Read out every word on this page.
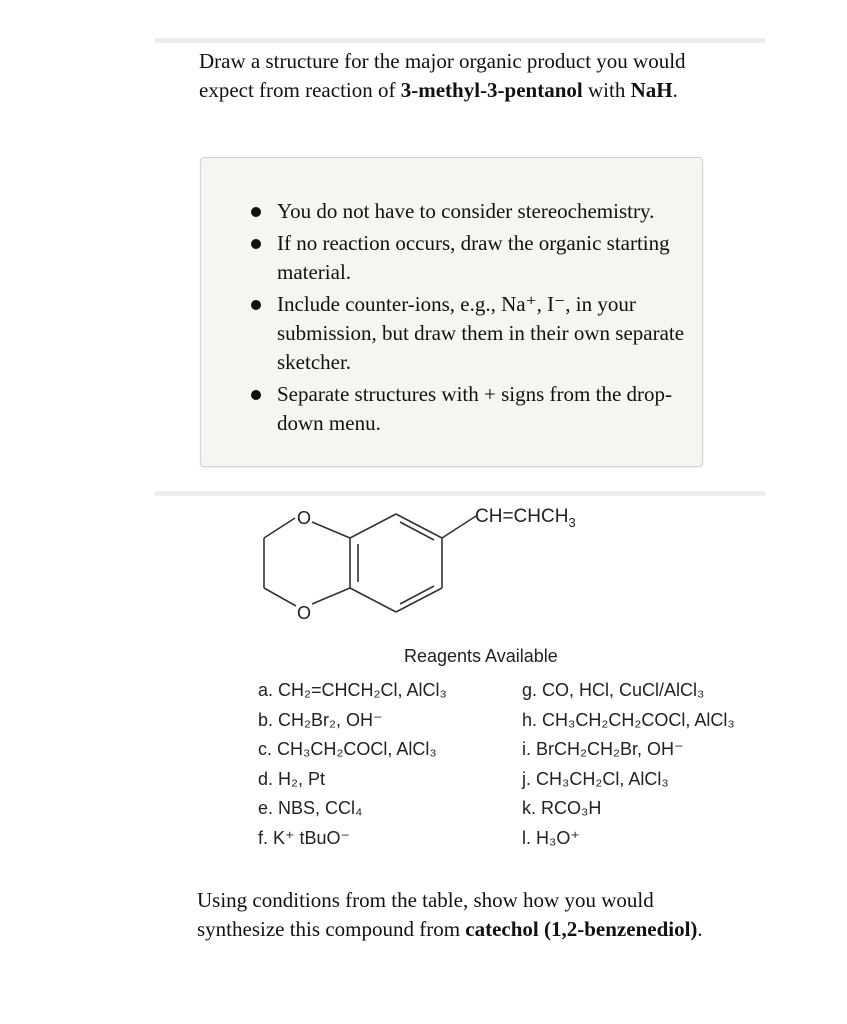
Draw a structure for the major organic product you would expect from reaction of 3-methyl-3-pentanol with NaH.
You do not have to consider stereochemistry.
If no reaction occurs, draw the organic starting material.
Include counter-ions, e.g., Na⁺, I⁻, in your submission, but draw them in their own separate sketcher.
Separate structures with + signs from the drop-down menu.
O
O
$CH=CHCH_3$
Reagents Available
a. CH₂=CHCH₂Cl, AlCl₃
b. CH₂Br₂, OH⁻
c. CH₃CH₂COCl, AlCl₃
d. H₂, Pt
e. NBS, CCl₄
f. K⁺ tBuO⁻
g. CO, HCl, CuCl/AlCl₃
h. CH₃CH₂CH₂COCl, AlCl₃
i. BrCH₂CH₂Br, OH⁻
j. CH₃CH₂Cl, AlCl₃
k. RCO₃H
l. H₃O⁺
Using conditions from the table, show how you would synthesize this compound from catechol (1,2-benzenediol).
